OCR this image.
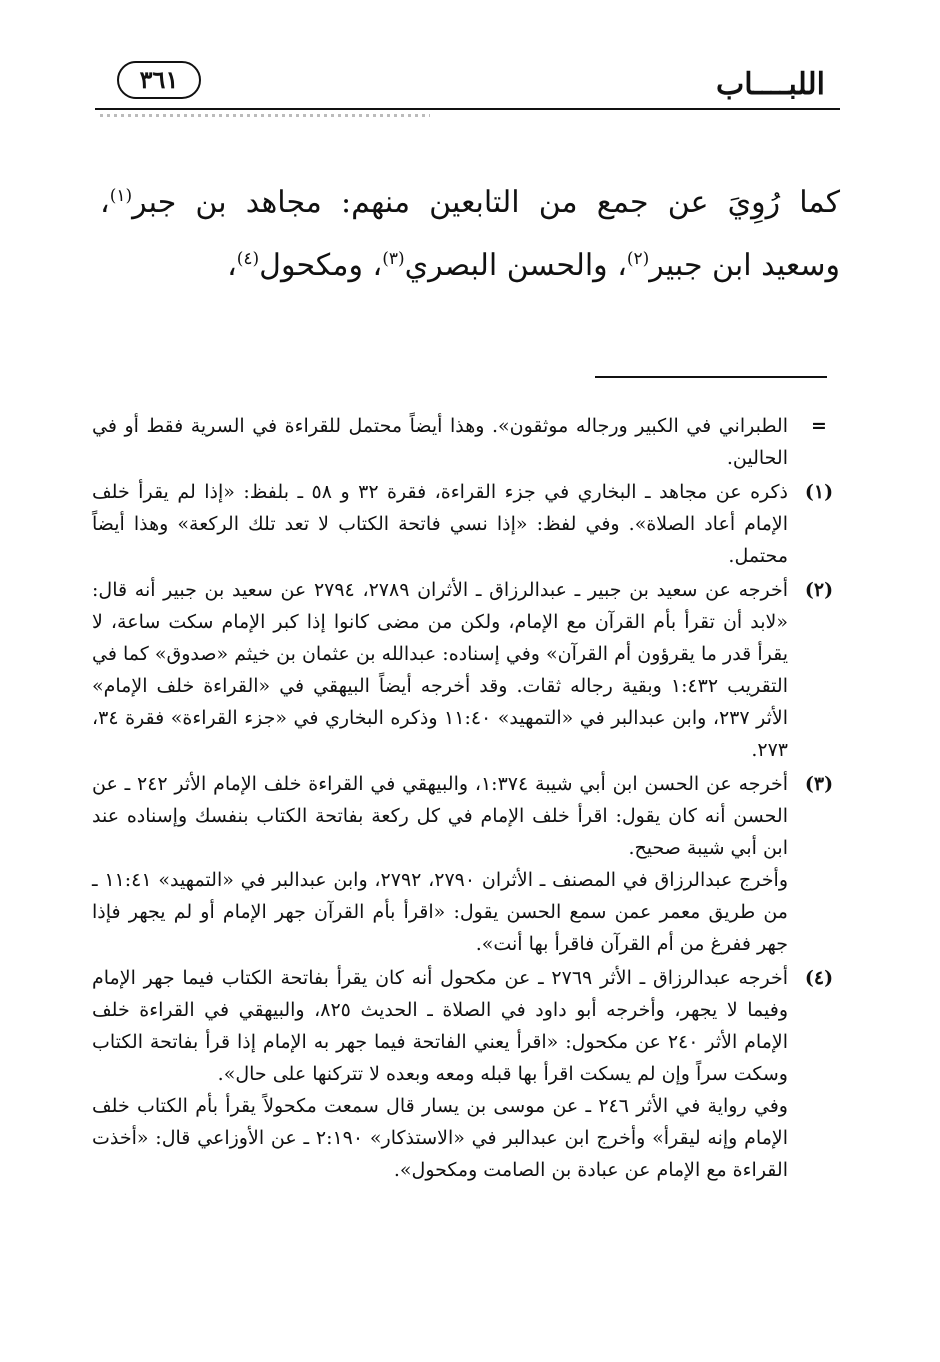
اللبــــاب
٣٦١
كما رُوِيَ عن جمع من التابعين منهم: مجاهد بن جبر$^{(١)}$، وسعيد ابن جبير$^{(٢)}$، والحسن البصري$^{(٣)}$، ومكحول$^{(٤)}$،
=

الطبراني في الكبير ورجاله موثقون». وهذا أيضاً محتمل للقراءة في السرية فقط أو في الحالين.

(١)

ذكره عن مجاهد ـ البخاري في جزء القراءة، فقرة ٣٢ و ٥٨ ـ بلفظ: «إذا لم يقرأ خلف الإمام أعاد الصلاة». وفي لفظ: «إذا نسي فاتحة الكتاب لا تعد تلك الركعة» وهذا أيضاً محتمل.

(٢)

أخرجه عن سعيد بن جبير ـ عبدالرزاق ـ الأثران ٢٧٨٩، ٢٧٩٤ عن سعيد بن جبير أنه قال: «لابد أن تقرأ بأم القرآن مع الإمام، ولكن من مضى كانوا إذا كبر الإمام سكت ساعة، لا يقرأ قدر ما يقرؤون أم القرآن» وفي إسناده: عبدالله بن عثمان بن خيثم «صدوق» كما في التقريب ١:٤٣٢ وبقية رجاله ثقات. وقد أخرجه أيضاً البيهقي في «القراءة خلف الإمام» الأثر ٢٣٧، وابن عبدالبر في «التمهيد» ١١:٤٠ وذكره البخاري في «جزء القراءة» فقرة ٣٤، ٢٧٣.

(٣)

أخرجه عن الحسن ابن أبي شيبة ١:٣٧٤، والبيهقي في القراءة خلف الإمام الأثر ٢٤٢ ـ عن الحسن أنه كان يقول: اقرأ خلف الإمام في كل ركعة بفاتحة الكتاب بنفسك وإسناده عند ابن أبي شيبة صحيح.

وأخرج عبدالرزاق في المصنف ـ الأثران ٢٧٩٠، ٢٧٩٢، وابن عبدالبر في «التمهيد» ١١:٤١ ـ من طريق معمر عمن سمع الحسن يقول: «اقرأ بأم القرآن جهر الإمام أو لم يجهر فإذا جهر ففرغ من أم القرآن فاقرأ بها أنت».

(٤)

أخرجه عبدالرزاق ـ الأثر ٢٧٦٩ ـ عن مكحول أنه كان يقرأ بفاتحة الكتاب فيما جهر الإمام وفيما لا يجهر، وأخرجه أبو داود في الصلاة ـ الحديث ٨٢٥، والبيهقي في القراءة خلف الإمام الأثر ٢٤٠ عن مكحول: «اقرأ يعني الفاتحة فيما جهر به الإمام إذا قرأ بفاتحة الكتاب وسكت سراً وإن لم يسكت اقرأ بها قبله ومعه وبعده لا تتركنها على حال».

وفي رواية في الأثر ٢٤٦ ـ عن موسى بن يسار قال سمعت مكحولاً يقرأ بأم الكتاب خلف الإمام وإنه ليقرأ» وأخرج ابن عبدالبر في «الاستذكار» ٢:١٩٠ ـ عن الأوزاعي قال: «أخذت القراءة مع الإمام عن عبادة بن الصامت ومكحول».
